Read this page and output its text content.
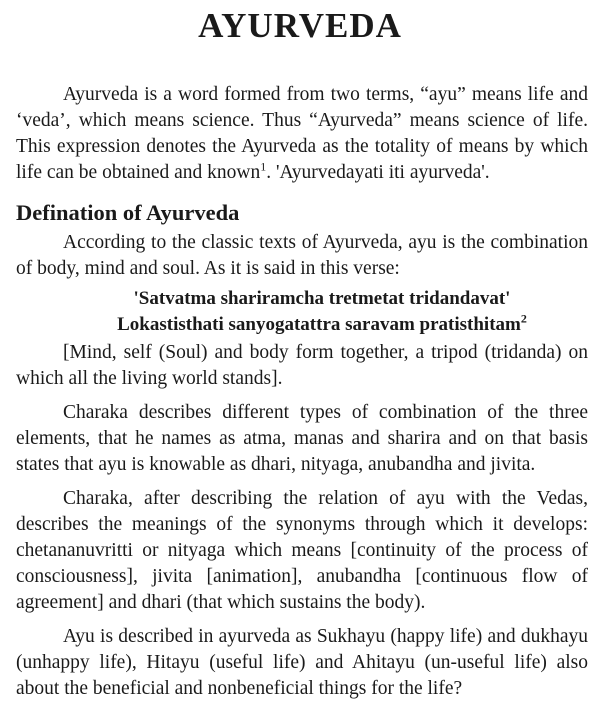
AYURVEDA

Ayurveda is a word formed from two terms, “ayu” means life and ‘veda’, which means science. Thus “Ayurveda” means science of life. This expression denotes the Ayurveda as the totality of means by which life can be obtained and known$^1$. 'Ayurvedayati iti ayurveda'.

Defination of Ayurveda

According to the classic texts of Ayurveda, ayu is the combination of body, mind and soul. As it is said in this verse:

'Satvatma shariramcha tretmetat tridandavat'
Lokastisthati sanyogatattra saravam pratisthitam$^2$

[Mind, self (Soul) and body form together, a tripod (tridanda) on which all the living world stands].

Charaka describes different types of combination of the three elements, that he names as atma, manas and sharira and on that basis states that ayu is knowable as dhari, nityaga, anubandha and jivita.

Charaka, after describing the relation of ayu with the Vedas, describes the meanings of the synonyms through which it develops: chetananuvritti or nityaga which means [continuity of the process of consciousness], jivita [animation], anubandha [continuous flow of agreement] and dhari (that which sustains the body).

Ayu is described in ayurveda as Sukhayu (happy life) and dukhayu (unhappy life), Hitayu (useful life) and Ahitayu (un-useful life) also about the beneficial and nonbeneficial things for the life?
